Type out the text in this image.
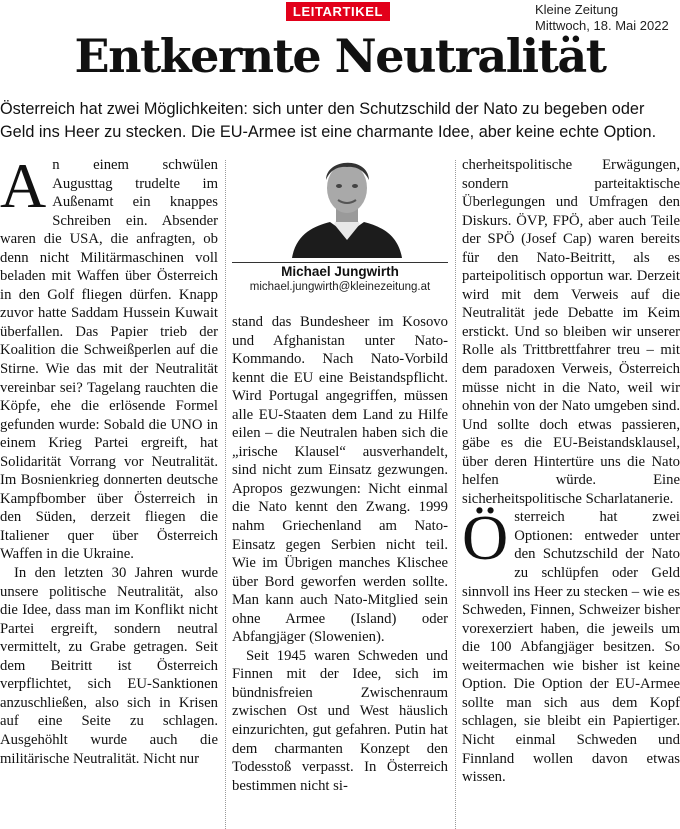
LEITARTIKEL	Kleine Zeitung
Mittwoch, 18. Mai 2022
Entkernte Neutralität

Österreich hat zwei Möglichkeiten: sich unter den Schutzschild der Nato zu begeben oder Geld ins Heer zu stecken. Die EU-Armee ist eine charmante Idee, aber keine echte Option.

A n einem schwülen Augusttag trudelte im Außenamt ein knappes Schreiben ein. Absender waren die USA, die anfragten, ob denn nicht Militärmaschinen voll beladen mit Waffen über Österreich in den Golf fliegen dürfen. Knapp zuvor hatte Saddam Hussein Kuwait überfallen. Das Papier trieb der Koalition die Schweißperlen auf die Stirne. Wie das mit der Neutralität vereinbar sei? Tagelang rauchten die Köpfe, ehe die erlösende Formel gefunden wurde: Sobald die UNO in einem Krieg Partei ergreift, hat Solidarität Vorrang vor Neutralität. Im Bosnienkrieg donnerten deutsche Kampfbomber über Österreich in den Süden, derzeit fliegen die Italiener quer über Österreich Waffen in die Ukraine.

In den letzten 30 Jahren wurde unsere politische Neutralität, also die Idee, dass man im Konflikt nicht Partei ergreift, sondern neutral vermittelt, zu Grabe getragen. Seit dem Beitritt ist Österreich verpflichtet, sich EU-Sanktionen anzuschließen, also sich in Krisen auf eine Seite zu schlagen. Ausgehöhlt wurde auch die militärische Neutralität. Nicht nur

Michael Jungwirth
michael.jungwirth@kleinezeitung.at

stand das Bundesheer im Kosovo und Afghanistan unter Nato-Kommando. Nach Nato-Vorbild kennt die EU eine Beistandspflicht. Wird Portugal angegriffen, müssen alle EU-Staaten dem Land zu Hilfe eilen – die Neutralen haben sich die „irische Klausel“ ausverhandelt, sind nicht zum Einsatz gezwungen. Apropos gezwungen: Nicht einmal die Nato kennt den Zwang. 1999 nahm Griechenland am Nato-Einsatz gegen Serbien nicht teil. Wie im Übrigen manches Klischee über Bord geworfen werden sollte. Man kann auch Nato-Mitglied sein ohne Armee (Island) oder Abfangjäger (Slowenien).

Seit 1945 waren Schweden und Finnen mit der Idee, sich im bündnisfreien Zwischenraum zwischen Ost und West häuslich einzurichten, gut gefahren. Putin hat dem charmanten Konzept den Todesstoß verpasst. In Österreich bestimmen nicht si-

cherheitspolitische Erwägungen, sondern parteitaktische Überlegungen und Umfragen den Diskurs. ÖVP, FPÖ, aber auch Teile der SPÖ (Josef Cap) waren bereits für den Nato-Beitritt, als es parteipolitisch opportun war. Derzeit wird mit dem Verweis auf die Neutralität jede Debatte im Keim erstickt. Und so bleiben wir unserer Rolle als Trittbrettfahrer treu – mit dem paradoxen Verweis, Österreich müsse nicht in die Nato, weil wir ohnehin von der Nato umgeben sind. Und sollte doch etwas passieren, gäbe es die EU-Beistandsklausel, über deren Hintertüre uns die Nato helfen würde. Eine sicherheitspolitische Scharlatanerie.

Ö sterreich hat zwei Optionen: entweder unter den Schutzschild der Nato zu schlüpfen oder Geld sinnvoll ins Heer zu stecken – wie es Schweden, Finnen, Schweizer bisher vorexerziert haben, die jeweils um die 100 Abfangjäger besitzen. So weitermachen wie bisher ist keine Option. Die Option der EU-Armee sollte man sich aus dem Kopf schlagen, sie bleibt ein Papiertiger. Nicht einmal Schweden und Finnland wollen davon etwas wissen.
